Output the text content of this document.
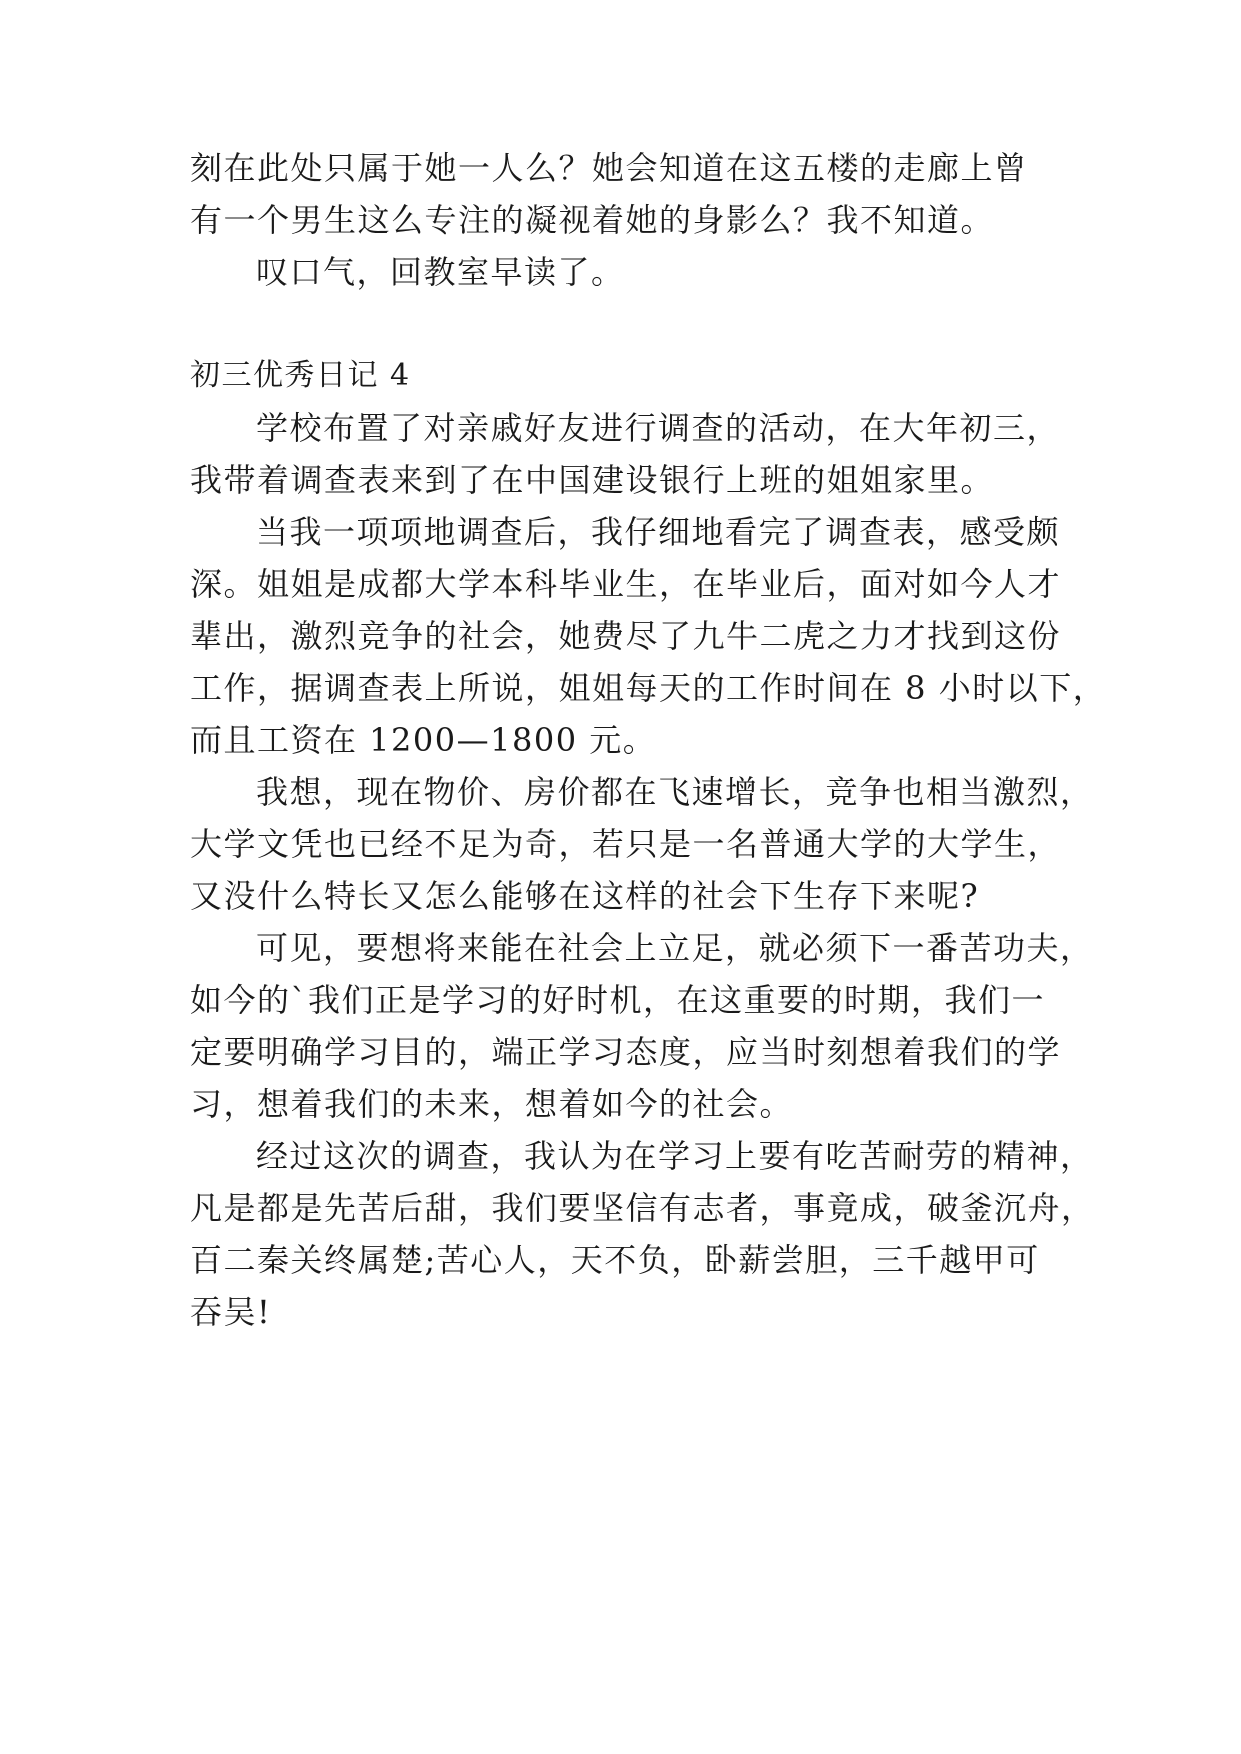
刻在此处只属于她一人么？她会知道在这五楼的走廊上曾
有一个男生这么专注的凝视着她的身影么？我不知道。
叹口气，回教室早读了。
初三优秀日记 4
学校布置了对亲戚好友进行调查的活动，在大年初三，
我带着调查表来到了在中国建设银行上班的姐姐家里。
当我一项项地调查后，我仔细地看完了调查表，感受颇
深。姐姐是成都大学本科毕业生，在毕业后，面对如今人才
辈出，激烈竞争的社会，她费尽了九牛二虎之力才找到这份
工作，据调查表上所说，姐姐每天的工作时间在 8 小时以下，
而且工资在 1200—1800 元。
我想，现在物价、房价都在飞速增长，竞争也相当激烈，
大学文凭也已经不足为奇，若只是一名普通大学的大学生，
又没什么特长又怎么能够在这样的社会下生存下来呢?
可见，要想将来能在社会上立足，就必须下一番苦功夫，
如今的`我们正是学习的好时机，在这重要的时期，我们一
定要明确学习目的，端正学习态度，应当时刻想着我们的学
习，想着我们的未来，想着如今的社会。
经过这次的调查，我认为在学习上要有吃苦耐劳的精神，
凡是都是先苦后甜，我们要坚信有志者，事竟成，破釜沉舟，
百二秦关终属楚;苦心人，天不负，卧薪尝胆，三千越甲可
吞吴!
